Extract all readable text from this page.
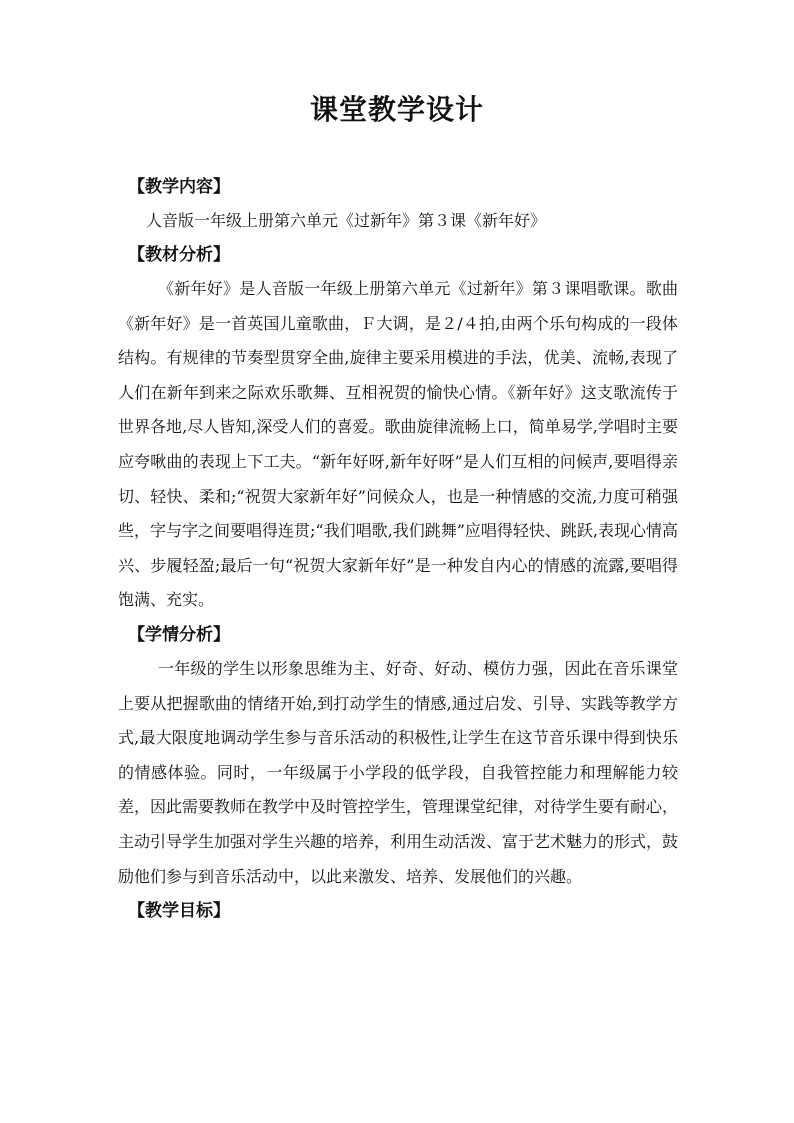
课堂教学设计

【教学内容】

人音版一年级上册第六单元《过新年》第３课《新年好》

【教材分析】

《新年好》是人音版一年级上册第六单元《过新年》第３课唱歌课。歌曲《新年好》是一首英国儿童歌曲，Ｆ大调，是２/４拍,由两个乐句构成的一段体结构。有规律的节奏型贯穿全曲,旋律主要采用模进的手法，优美、流畅,表现了人们在新年到来之际欢乐歌舞、互相祝贺的愉快心情。《新年好》这支歌流传于世界各地,尽人皆知,深受人们的喜爱。歌曲旋律流畅上口，简单易学,学唱时主要应夸啾曲的表现上下工夫。“新年好呀,新年好呀”是人们互相的问候声,要唱得亲切、轻快、柔和;“祝贺大家新年好”问候众人，也是一种情感的交流,力度可稍强些，字与字之间要唱得连贯;“我们唱歌,我们跳舞”应唱得轻快、跳跃,表现心情高兴、步履轻盈;最后一句“祝贺大家新年好”是一种发自内心的情感的流露,要唱得饱满、充实。

【学情分析】

一年级的学生以形象思维为主、好奇、好动、模仿力强，因此在音乐课堂上要从把握歌曲的情绪开始,到打动学生的情感,通过启发、引导、实践等教学方式,最大限度地调动学生参与音乐活动的积极性,让学生在这节音乐课中得到快乐的情感体验。同时，一年级属于小学段的低学段，自我管控能力和理解能力较差，因此需要教师在教学中及时管控学生，管理课堂纪律，对待学生要有耐心，主动引导学生加强对学生兴趣的培养，利用生动活泼、富于艺术魅力的形式，鼓励他们参与到音乐活动中，以此来激发、培养、发展他们的兴趣。

【教学目标】
